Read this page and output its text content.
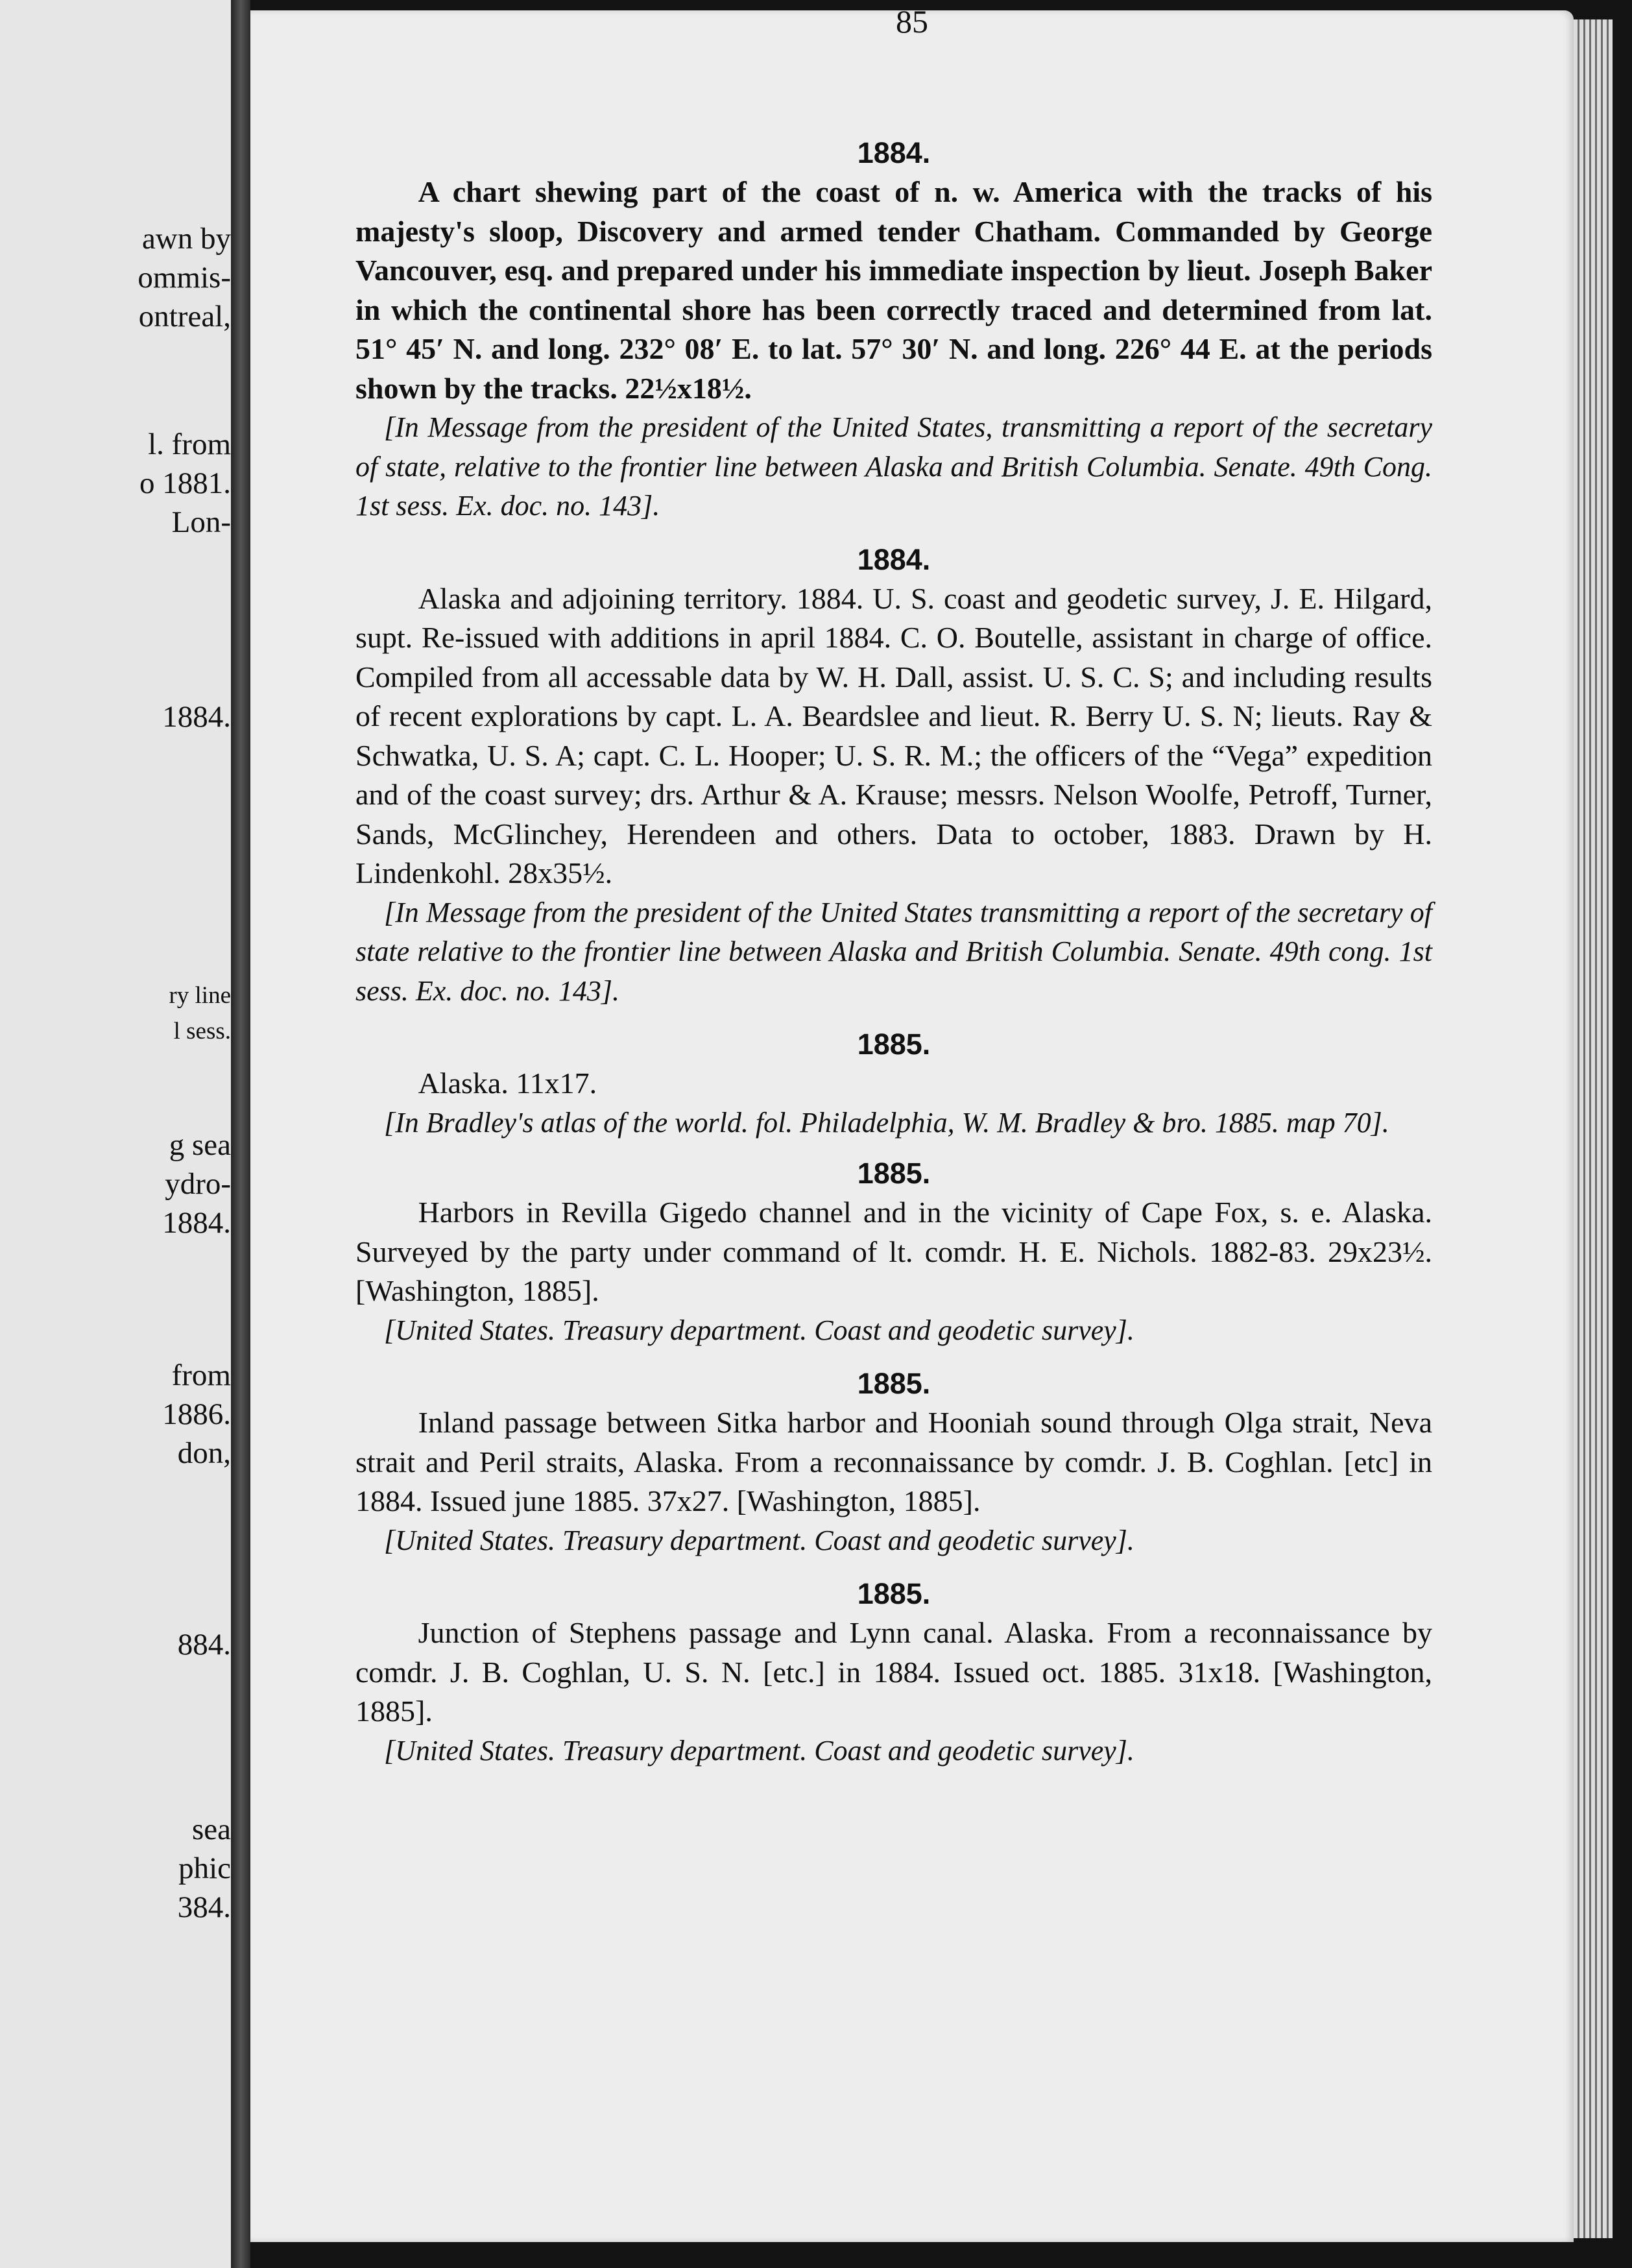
awn by

ommis-

ontreal,

l. from

o 1881.

Lon-

1884.

ry line

l sess.

g sea

ydro-

1884.

from

1886.

don,

884.

sea

phic

384.

85

1884.

A chart shewing part of the coast of n. w. America with the tracks of his majesty's sloop, Discovery and armed tender Chatham. Commanded by George Vancouver, esq. and prepared under his immediate inspection by lieut. Joseph Baker in which the continental shore has been correctly traced and determined from lat. 51° 45′ N. and long. 232° 08′ E. to lat. 57° 30′ N. and long. 226° 44 E. at the periods shown by the tracks. 22½x18½.

[In Message from the president of the United States, transmitting a report of the secretary of state, relative to the frontier line between Alaska and British Columbia. Senate. 49th Cong. 1st sess. Ex. doc. no. 143].

1884.

Alaska and adjoining territory. 1884. U. S. coast and geodetic survey, J. E. Hilgard, supt. Re-issued with additions in april 1884. C. O. Boutelle, assistant in charge of office. Compiled from all accessable data by W. H. Dall, assist. U. S. C. S; and including results of recent explorations by capt. L. A. Beardslee and lieut. R. Berry U. S. N; lieuts. Ray & Schwatka, U. S. A; capt. C. L. Hooper; U. S. R. M.; the officers of the “Vega” expedition and of the coast survey; drs. Arthur & A. Krause; messrs. Nelson Woolfe, Petroff, Turner, Sands, McGlinchey, Herendeen and others. Data to october, 1883. Drawn by H. Lindenkohl. 28x35½.

[In Message from the president of the United States transmitting a report of the secretary of state relative to the frontier line between Alaska and British Columbia. Senate. 49th cong. 1st sess. Ex. doc. no. 143].

1885.

Alaska. 11x17.

[In Bradley's atlas of the world. fol. Philadelphia, W. M. Bradley & bro. 1885. map 70].

1885.

Harbors in Revilla Gigedo channel and in the vicinity of Cape Fox, s. e. Alaska. Surveyed by the party under command of lt. comdr. H. E. Nichols. 1882-83. 29x23½. [Washington, 1885].

[United States. Treasury department. Coast and geodetic survey].

1885.

Inland passage between Sitka harbor and Hooniah sound through Olga strait, Neva strait and Peril straits, Alaska. From a reconnaissance by comdr. J. B. Coghlan. [etc] in 1884. Issued june 1885. 37x27. [Washington, 1885].

[United States. Treasury department. Coast and geodetic survey].

1885.

Junction of Stephens passage and Lynn canal. Alaska. From a reconnaissance by comdr. J. B. Coghlan, U. S. N. [etc.] in 1884. Issued oct. 1885. 31x18. [Washington, 1885].

[United States. Treasury department. Coast and geodetic survey].
